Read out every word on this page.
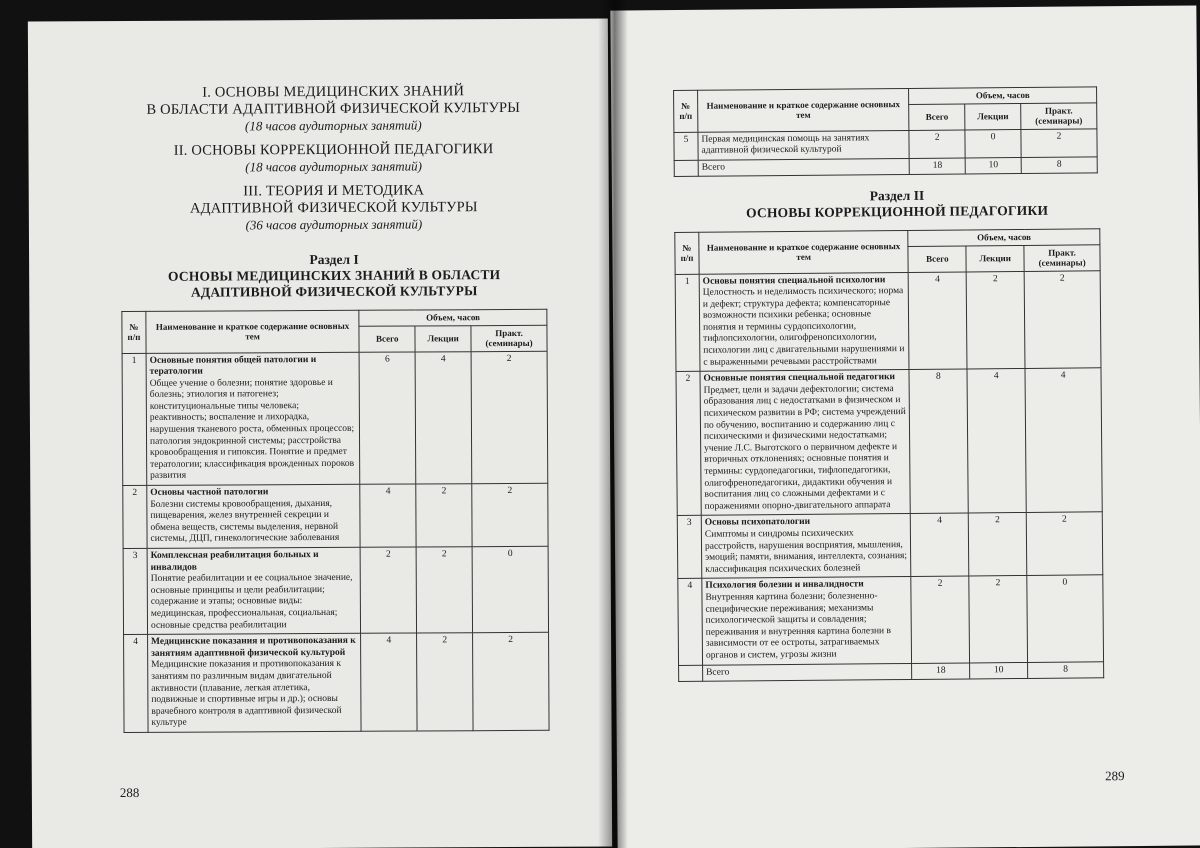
I. ОСНОВЫ МЕДИЦИНСКИХ ЗНАНИЙ
В ОБЛАСТИ АДАПТИВНОЙ ФИЗИЧЕСКОЙ КУЛЬТУРЫ
(18 часов аудиторных занятий)
II. ОСНОВЫ КОРРЕКЦИОННОЙ ПЕДАГОГИКИ
(18 часов аудиторных занятий)
III. ТЕОРИЯ И МЕТОДИКА
АДАПТИВНОЙ ФИЗИЧЕСКОЙ КУЛЬТУРЫ
(36 часов аудиторных занятий)
Раздел I
ОСНОВЫ МЕДИЦИНСКИХ ЗНАНИЙ В ОБЛАСТИ
АДАПТИВНОЙ ФИЗИЧЕСКОЙ КУЛЬТУРЫ
№ п/п	Наименование и краткое содержание основных тем	Объем, часов		
		Всего	Лекции	Практ. (семинары)
1	Основные понятия общей патологии и тератологии
Общее учение о болезни; понятие здоровье и болезнь; этиология и патогенез; конституциональные типы человека; реактивность; воспаление и лихорадка, нарушения тканевого роста, обменных процессов; патология эндокринной системы; расстройства кровообращения и гипоксия. Понятие и предмет тератологии; классификация врожденных пороков развития	6	4	2
2	Основы частной патологии
Болезни системы кровообращения, дыхания, пищеварения, желез внутренней секреции и обмена веществ, системы выделения, нервной системы, ДЦП, гинекологические заболевания	4	2	2
3	Комплексная реабилитация больных и инвалидов
Понятие реабилитации и ее социальное значение, основные принципы и цели реабилитации; содержание и этапы; основные виды: медицинская, профессиональная, социальная; основные средства реабилитации	2	2	0
4	Медицинские показания и противопоказания к занятиям адаптивной физической культурой
Медицинские показания и противопоказания к занятиям по различным видам двигательной активности (плавание, легкая атлетика, подвижные и спортивные игры и др.); основы врачебного контроля в адаптивной физической культуре	4	2	2
288
№ п/п	Наименование и краткое содержание основных тем	Объем, часов		
		Всего	Лекции	Практ. (семинары)
5	Первая медицинская помощь на занятиях адаптивной физической культурой	2	0	2
	Всего	18	10	8
Раздел II
ОСНОВЫ КОРРЕКЦИОННОЙ ПЕДАГОГИКИ
№ п/п	Наименование и краткое содержание основных тем	Объем, часов		
		Всего	Лекции	Практ. (семинары)
1	Основы понятия специальной психологии
Целостность и неделимость психического; норма и дефект; структура дефекта; компенсаторные возможности психики ребенка; основные понятия и термины сурдопсихологии, тифлопсихологии, олигофренопсихологии, психологии лиц с двигательными нарушениями и с выраженными речевыми расстройствами	4	2	2
2	Основные понятия специальной педагогики
Предмет, цели и задачи дефектологии; система образования лиц с недостатками в физическом и психическом развитии в РФ; система учреждений по обучению, воспитанию и содержанию лиц с психическими и физическими недостатками; учение Л.С. Выготского о первичном дефекте и вторичных отклонениях; основные понятия и термины: сурдопедагогики, тифлопедагогики, олигофренопедагогики, дидактики обучения и воспитания лиц со сложными дефектами и с поражениями опорно-двигательного аппарата	8	4	4
3	Основы психопатологии
Симптомы и синдромы психических расстройств, нарушения восприятия, мышления, эмоций; памяти, внимания, интеллекта, сознания; классификация психических болезней	4	2	2
4	Психология болезни и инвалидности
Внутренняя картина болезни; болезненно-специфические переживания; механизмы психологической защиты и совладения; переживания и внутренняя картина болезни в зависимости от ее остроты, затрагиваемых органов и систем, угрозы жизни	2	2	0
	Всего	18	10	8
289
